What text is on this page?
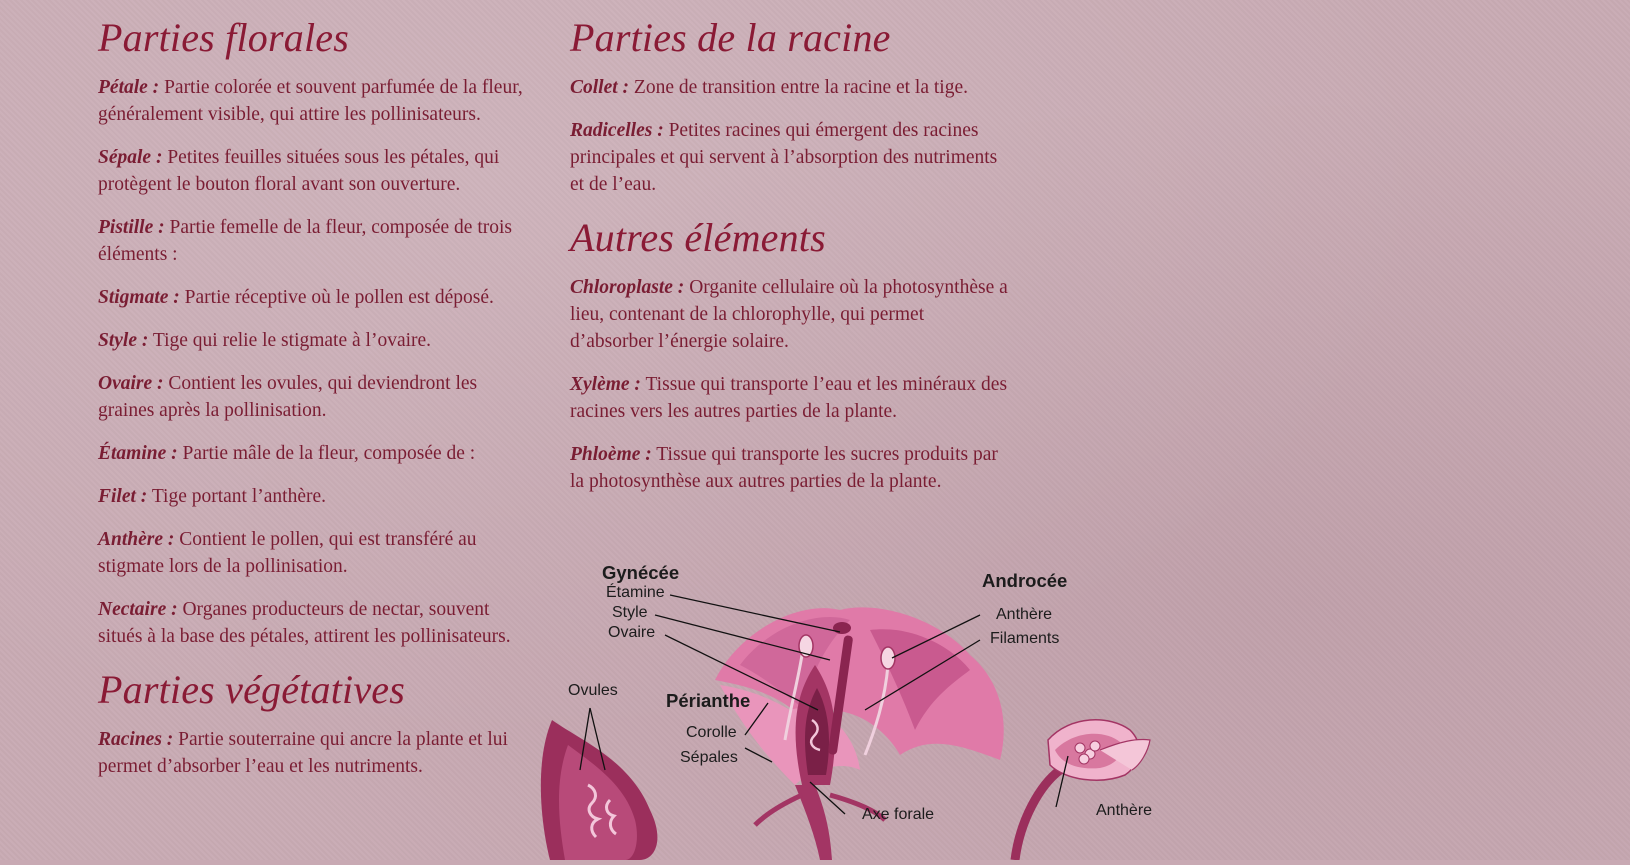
Parties florales

Pétale : Partie colorée et souvent parfumée de la fleur, généralement visible, qui attire les pollinisateurs.

Sépale : Petites feuilles situées sous les pétales, qui protègent le bouton floral avant son ouverture.

Pistille : Partie femelle de la fleur, composée de trois éléments :

Stigmate : Partie réceptive où le pollen est déposé.

Style : Tige qui relie le stigmate à l’ovaire.

Ovaire : Contient les ovules, qui deviendront les graines après la pollinisation.

Étamine : Partie mâle de la fleur, composée de :

Filet : Tige portant l’anthère.

Anthère : Contient le pollen, qui est transféré au stigmate lors de la pollinisation.

Nectaire : Organes producteurs de nectar, souvent situés à la base des pétales, attirent les pollinisateurs.

Parties végétatives

Racines : Partie souterraine qui ancre la plante et lui permet d’absorber l’eau et les nutriments.

Parties de la racine

Collet : Zone de transition entre la racine et la tige.

Radicelles : Petites racines qui émergent des racines principales et qui servent à l’absorption des nutriments et de l’eau.

Autres éléments

Chloroplaste : Organite cellulaire où la photosynthèse a lieu, contenant de la chlorophylle, qui permet d’absorber l’énergie solaire.

Xylème : Tissue qui transporte l’eau et les minéraux des racines vers les autres parties de la plante.

Phloème : Tissue qui transporte les sucres produits par la photosynthèse aux autres parties de la plante.

Gynécée
Étamine
Style
Ovaire
Ovules	Périanthe
Corolle
Sépales
Axe forale
Androcée
Anthère
Filaments
Anthère
